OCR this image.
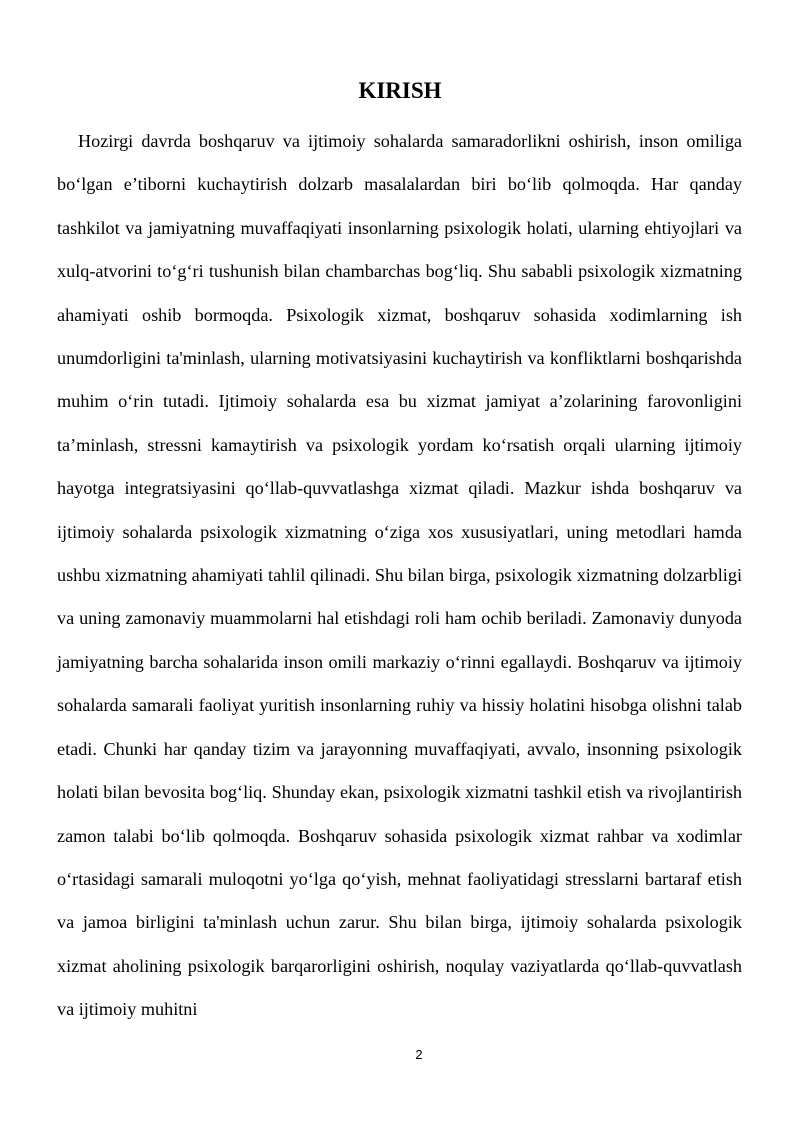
KIRISH

Hozirgi davrda boshqaruv va ijtimoiy sohalarda samaradorlikni oshirish, inson omiliga bo‘lgan e’tiborni kuchaytirish dolzarb masalalardan biri bo‘lib qolmoqda. Har qanday tashkilot va jamiyatning muvaffaqiyati insonlarning psixologik holati, ularning ehtiyojlari va xulq-atvorini to‘g‘ri tushunish bilan chambarchas bog‘liq. Shu sababli psixologik xizmatning ahamiyati oshib bormoqda. Psixologik xizmat, boshqaruv sohasida xodimlarning ish unumdorligini ta'minlash, ularning motivatsiyasini kuchaytirish va konfliktlarni boshqarishda muhim o‘rin tutadi. Ijtimoiy sohalarda esa bu xizmat jamiyat a’zolarining farovonligini ta’minlash, stressni kamaytirish va psixologik yordam ko‘rsatish orqali ularning ijtimoiy hayotga integratsiyasini qo‘llab-quvvatlashga xizmat qiladi. Mazkur ishda boshqaruv va ijtimoiy sohalarda psixologik xizmatning o‘ziga xos xususiyatlari, uning metodlari hamda ushbu xizmatning ahamiyati tahlil qilinadi. Shu bilan birga, psixologik xizmatning dolzarbligi va uning zamonaviy muammolarni hal etishdagi roli ham ochib beriladi. Zamonaviy dunyoda jamiyatning barcha sohalarida inson omili markaziy o‘rinni egallaydi. Boshqaruv va ijtimoiy sohalarda samarali faoliyat yuritish insonlarning ruhiy va hissiy holatini hisobga olishni talab etadi. Chunki har qanday tizim va jarayonning muvaffaqiyati, avvalo, insonning psixologik holati bilan bevosita bog‘liq. Shunday ekan, psixologik xizmatni tashkil etish va rivojlantirish zamon talabi bo‘lib qolmoqda. Boshqaruv sohasida psixologik xizmat rahbar va xodimlar o‘rtasidagi samarali muloqotni yo‘lga qo‘yish, mehnat faoliyatidagi stresslarni bartaraf etish va jamoa birligini ta'minlash uchun zarur. Shu bilan birga, ijtimoiy sohalarda psixologik xizmat aholining psixologik barqarorligini oshirish, noqulay vaziyatlarda qo‘llab-quvvatlash va ijtimoiy muhitni

2
